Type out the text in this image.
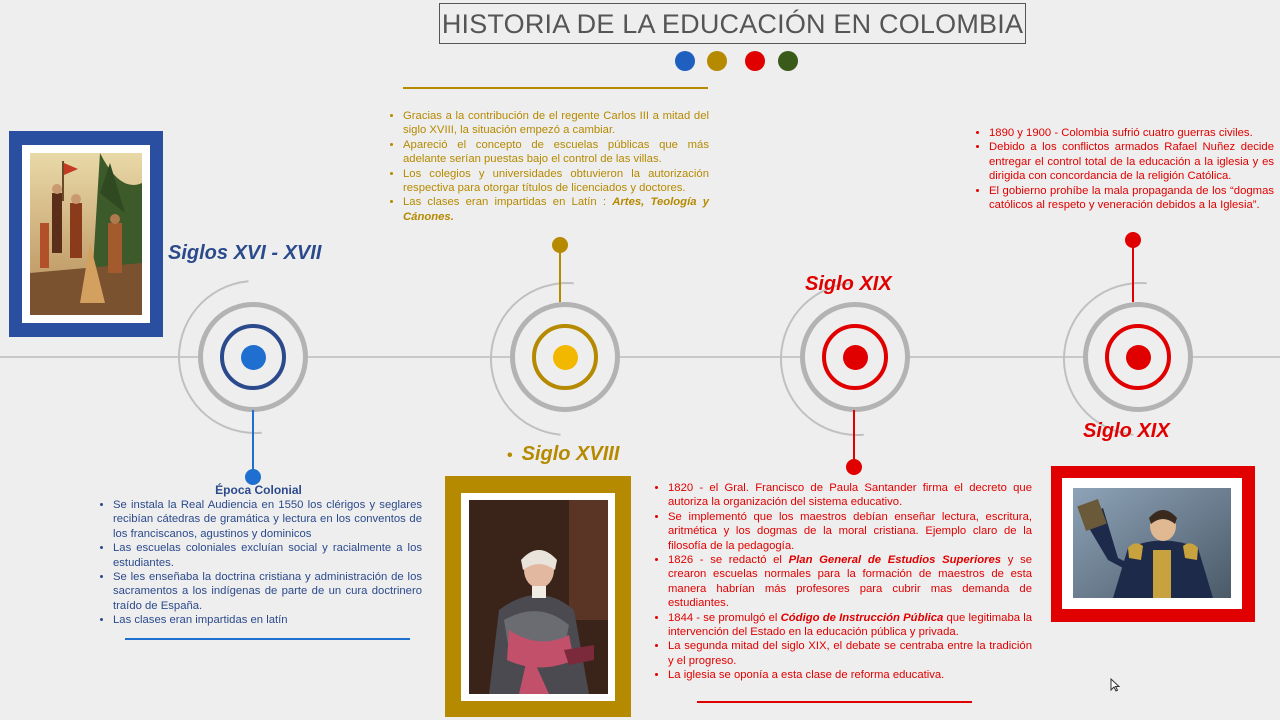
HISTORIA DE LA EDUCACIÓN EN COLOMBIA
Siglos XVI - XVII
• Siglo XVIII
Siglo XIX
Siglo XIX
Época Colonial
• Se instala la Real Audiencia en 1550 los clérigos y seglares recibían cátedras de gramática y lectura en los conventos de los franciscanos, agustinos y dominicos
• Las escuelas coloniales excluían social y racialmente a los estudiantes.
• Se les enseñaba la doctrina cristiana y administración de los sacramentos a los indígenas de parte de un cura doctrinero traído de España.
• Las clases eran impartidas en latín
• Gracias a la contribución de el regente Carlos III a mitad del siglo XVIII, la situación empezó a cambiar.
• Apareció el concepto de escuelas públicas que más adelante serían puestas bajo el control de las villas.
• Los colegios y universidades obtuvieron la autorización respectiva para otorgar títulos de licenciados y doctores.
• Las clases eran impartidas en Latín : Artes, Teología y Cánones.
• 1820 - el Gral. Francisco de Paula Santander firma el decreto que autoriza la organización del sistema educativo.
• Se implementó que los maestros debían enseñar lectura, escritura, aritmética y los dogmas de la moral cristiana. Ejemplo claro de la filosofía de la pedagogía.
• 1826 - se redactó el Plan General de Estudios Superiores y se crearon escuelas normales para la formación de maestros de esta manera habrían más profesores para cubrir mas demanda de estudiantes.
• 1844 - se promulgó el Código de Instrucción Pública que legitimaba la intervención del Estado en la educación pública y privada.
• La segunda mitad del siglo XIX, el debate se centraba entre la tradición y el progreso.
• La iglesia se oponía a esta clase de reforma educativa.
• 1890 y 1900 - Colombia sufrió cuatro guerras civiles.
• Debido a los conflictos armados Rafael Nuñez decide entregar el control total de la educación a la iglesia y es dirigida con concordancia de la religión Católica.
• El gobierno prohíbe la mala propaganda de los “dogmas católicos al respeto y veneración debidos a la Iglesia”.
